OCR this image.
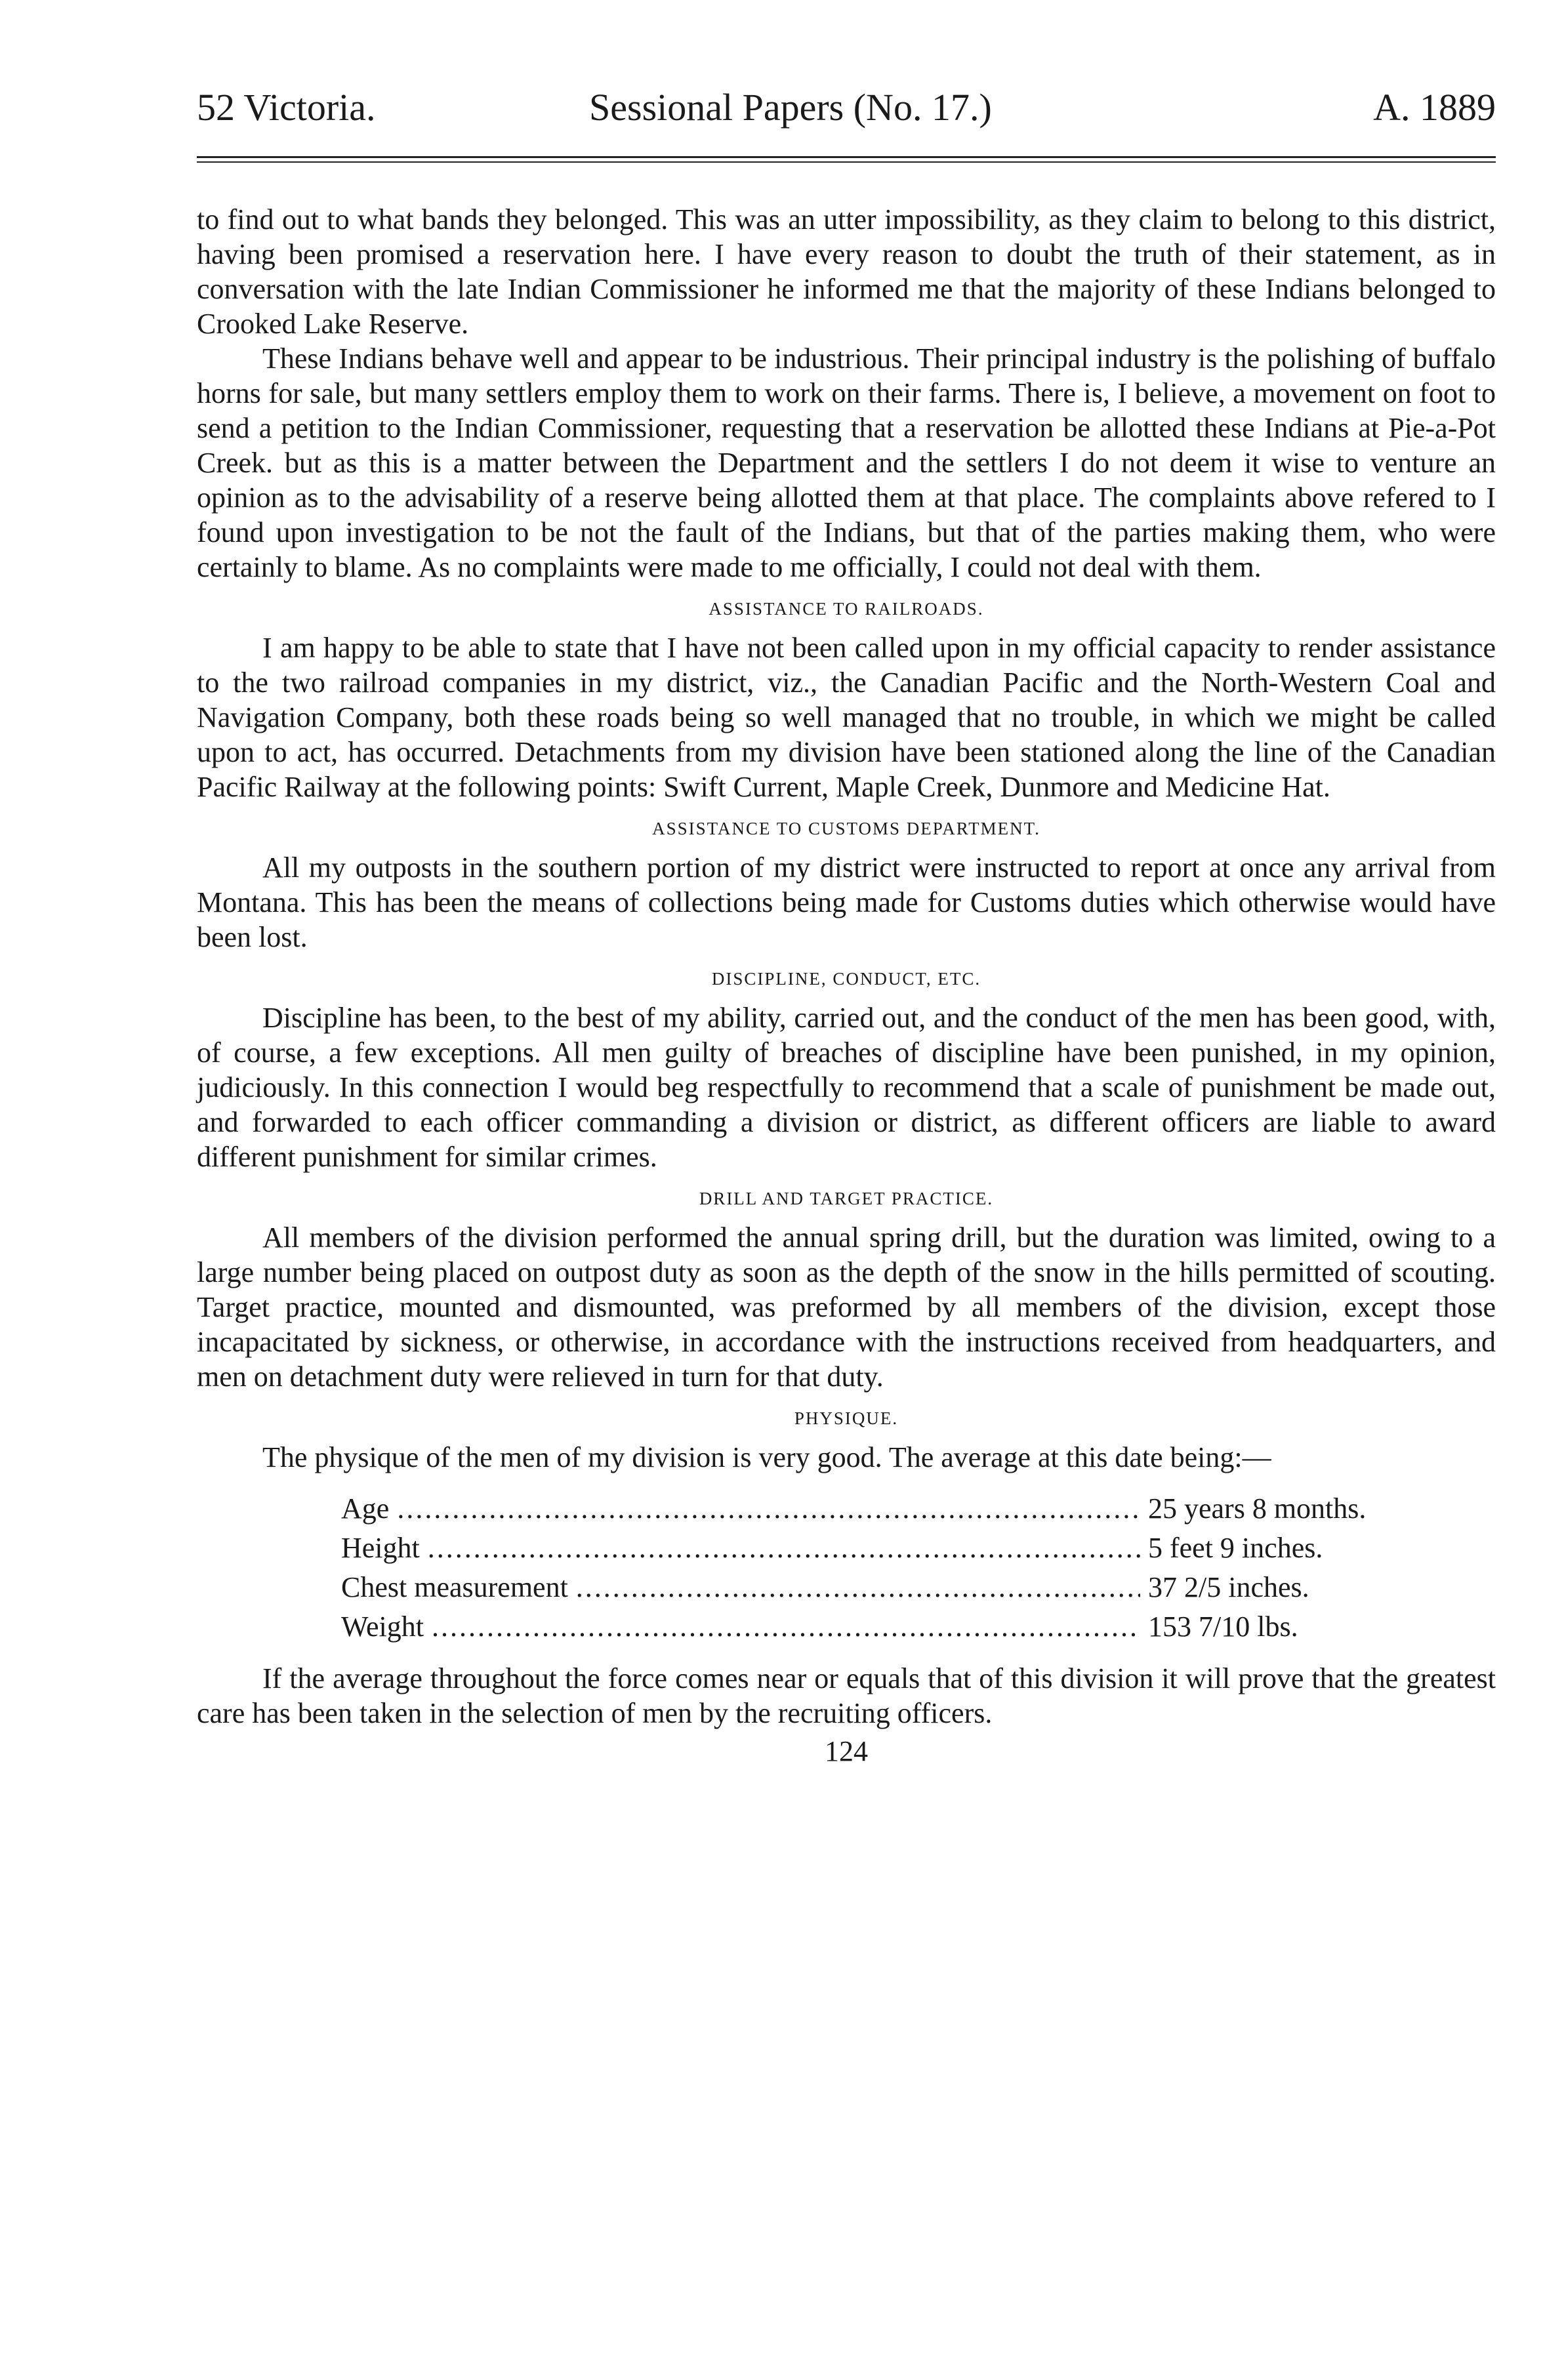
52 Victoria.	Sessional Papers (No. 17.)	A. 1889

to find out to what bands they belonged. This was an utter impossibility, as they claim to belong to this district, having been promised a reservation here. I have every reason to doubt the truth of their statement, as in conversation with the late Indian Commissioner he informed me that the majority of these Indians belonged to Crooked Lake Reserve.

These Indians behave well and appear to be industrious. Their principal industry is the polishing of buffalo horns for sale, but many settlers employ them to work on their farms. There is, I believe, a movement on foot to send a petition to the Indian Commissioner, requesting that a reservation be allotted these Indians at Pie-a-Pot Creek. but as this is a matter between the Department and the settlers I do not deem it wise to venture an opinion as to the advisability of a reserve being allotted them at that place. The complaints above refered to I found upon investigation to be not the fault of the Indians, but that of the parties making them, who were certainly to blame. As no complaints were made to me officially, I could not deal with them.

ASSISTANCE TO RAILROADS.

I am happy to be able to state that I have not been called upon in my official capacity to render assistance to the two railroad companies in my district, viz., the Canadian Pacific and the North-Western Coal and Navigation Company, both these roads being so well managed that no trouble, in which we might be called upon to act, has occurred. Detachments from my division have been stationed along the line of the Canadian Pacific Railway at the following points: Swift Current, Maple Creek, Dunmore and Medicine Hat.

ASSISTANCE TO CUSTOMS DEPARTMENT.

All my outposts in the southern portion of my district were instructed to report at once any arrival from Montana. This has been the means of collections being made for Customs duties which otherwise would have been lost.

DISCIPLINE, CONDUCT, ETC.

Discipline has been, to the best of my ability, carried out, and the conduct of the men has been good, with, of course, a few exceptions. All men guilty of breaches of discipline have been punished, in my opinion, judiciously. In this connection I would beg respectfully to recommend that a scale of punishment be made out, and forwarded to each officer commanding a division or district, as different officers are liable to award different punishment for similar crimes.

DRILL AND TARGET PRACTICE.

All members of the division performed the annual spring drill, but the duration was limited, owing to a large number being placed on outpost duty as soon as the depth of the snow in the hills permitted of scouting. Target practice, mounted and dismounted, was preformed by all members of the division, except those incapacitated by sickness, or otherwise, in accordance with the instructions received from headquarters, and men on detachment duty were relieved in turn for that duty.

PHYSIQUE.

The physique of the men of my division is very good. The average at this date being:—

Age .....	25 years 8 months.
Height .....	5 feet 9 inches.
Chest measurement .....	37 2/5 inches.
Weight .....	153 7/10 lbs.

If the average throughout the force comes near or equals that of this division it will prove that the greatest care has been taken in the selection of men by the recruiting officers.

124
